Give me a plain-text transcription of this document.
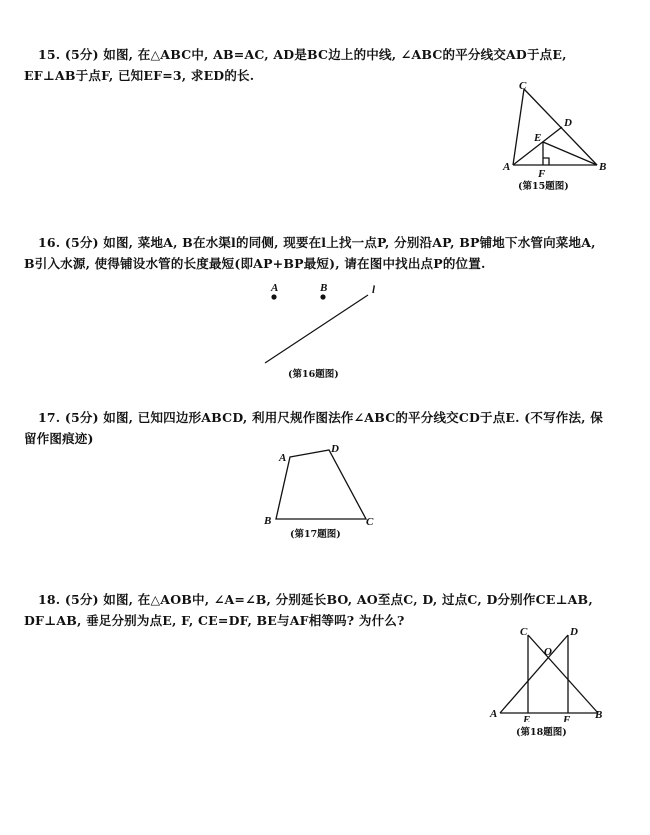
15. (5分) 如图, 在△ABC中, AB=AC, AD是BC边上的中线, ∠ABC的平分线交AD于点E, EF⊥AB于点F, 已知EF=3, 求ED的长.
C
D
E
A	B
F
(第15题图)
16. (5分) 如图, 菜地A, B在水渠l的同侧, 现要在l上找一点P, 分别沿AP, BP铺地下水管向菜地A, B引入水源, 使得铺设水管的长度最短(即AP+BP最短), 请在图中找出点P的位置.
A	B	l
(第16题图)
17. (5分) 如图, 已知四边形ABCD, 利用尺规作图法作∠ABC的平分线交CD于点E. (不写作法, 保留作图痕迹)
A
D
B	C
(第17题图)
18. (5分) 如图, 在△AOB中, ∠A=∠B, 分别延长BO, AO至点C, D, 过点C, D分别作CE⊥AB, DF⊥AB, 垂足分别为点E, F, CE=DF, BE与AF相等吗? 为什么?
C	D
O
A	B
E	F
(第18题图)
